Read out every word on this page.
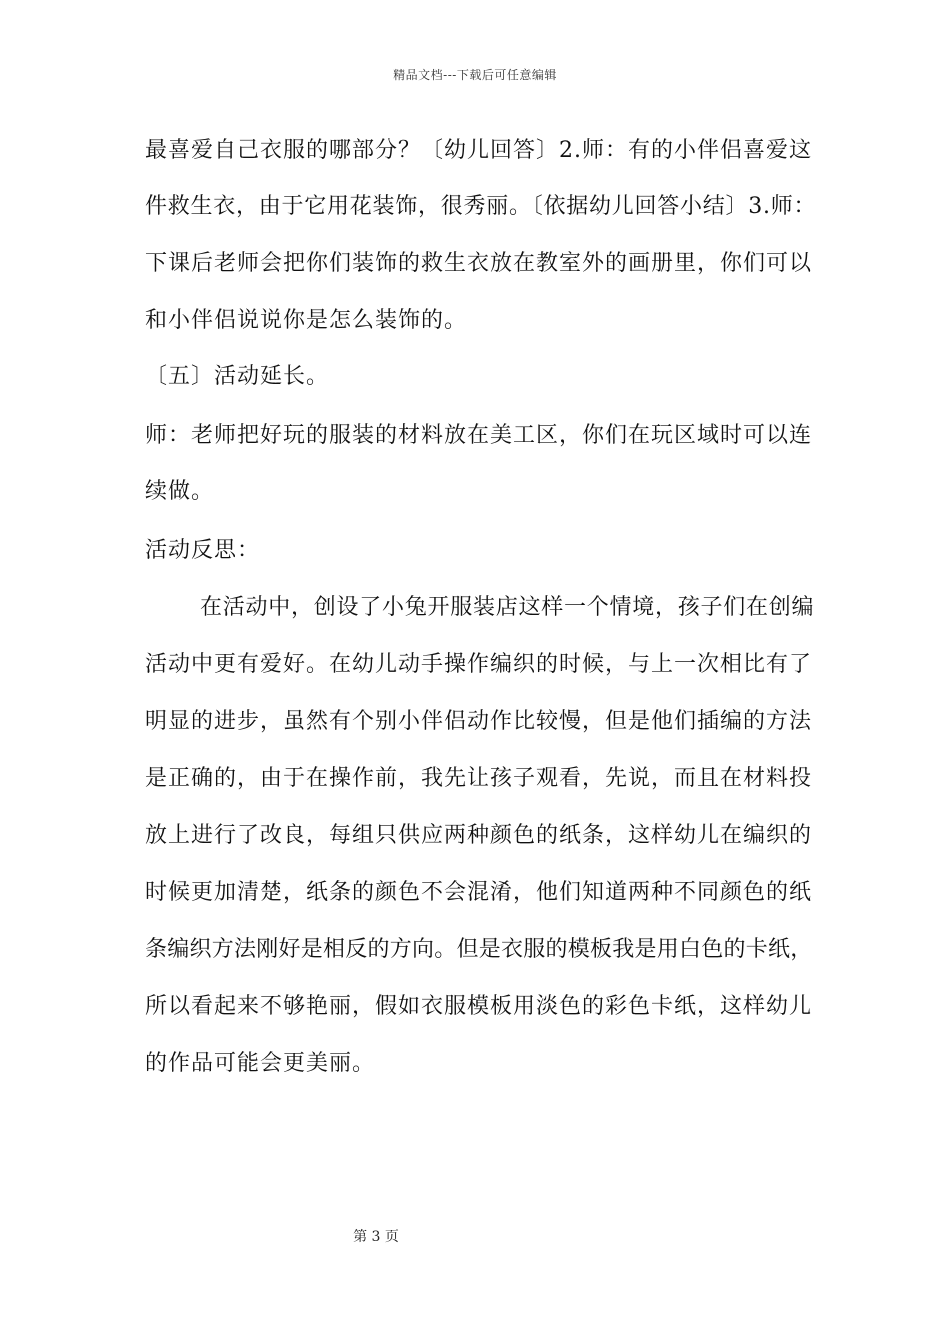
精品文档---下载后可任意编辑
最喜爱自己衣服的哪部分？〔幼儿回答〕2.师：有的小伴侣喜爱这
件救生衣，由于它用花装饰，很秀丽。〔依据幼儿回答小结〕3.师：
下课后老师会把你们装饰的救生衣放在教室外的画册里，你们可以
和小伴侣说说你是怎么装饰的。
〔五〕活动延长。
师：老师把好玩的服装的材料放在美工区，你们在玩区域时可以连
续做。
活动反思：
在活动中，创设了小兔开服装店这样一个情境，孩子们在创编
活动中更有爱好。在幼儿动手操作编织的时候，与上一次相比有了
明显的进步，虽然有个别小伴侣动作比较慢，但是他们插编的方法
是正确的，由于在操作前，我先让孩子观看，先说，而且在材料投
放上进行了改良，每组只供应两种颜色的纸条，这样幼儿在编织的
时候更加清楚，纸条的颜色不会混淆，他们知道两种不同颜色的纸
条编织方法刚好是相反的方向。但是衣服的模板我是用白色的卡纸，
所以看起来不够艳丽，假如衣服模板用淡色的彩色卡纸，这样幼儿
的作品可能会更美丽。
第 3 页
